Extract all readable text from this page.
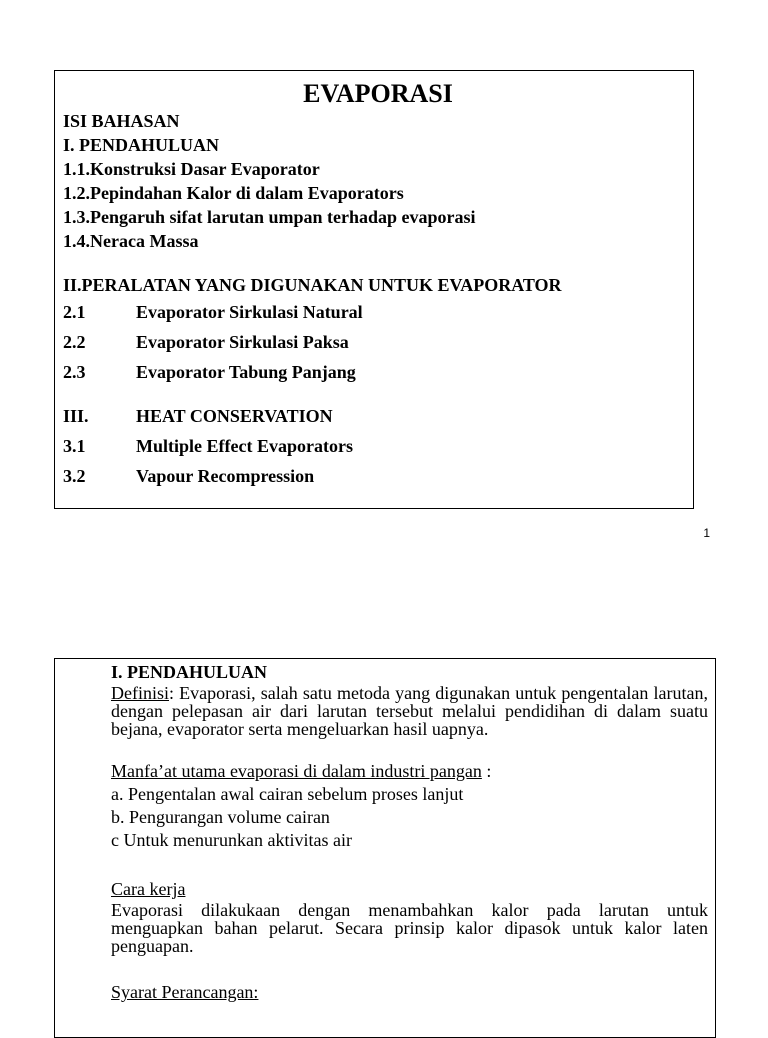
EVAPORASI
ISI BAHASAN
I. PENDAHULUAN
1.1.Konstruksi Dasar Evaporator
1.2.Pepindahan Kalor di dalam Evaporators
1.3.Pengaruh sifat larutan umpan terhadap evaporasi
1.4.Neraca Massa
II.PERALATAN YANG DIGUNAKAN UNTUK EVAPORATOR
2.1	Evaporator Sirkulasi Natural
2.2	Evaporator Sirkulasi Paksa
2.3	Evaporator Tabung Panjang
III.	HEAT CONSERVATION
3.1	Multiple Effect Evaporators
3.2	Vapour Recompression
1
I. PENDAHULUAN
Definisi: Evaporasi, salah satu metoda yang digunakan untuk pengentalan larutan, dengan pelepasan air dari larutan tersebut melalui pendidihan di dalam suatu bejana, evaporator serta mengeluarkan hasil uapnya.
Manfa’at utama evaporasi di dalam industri pangan :
a. Pengentalan awal cairan sebelum proses lanjut
b. Pengurangan volume cairan
c Untuk menurunkan aktivitas air
Cara kerja
Evaporasi dilakukaan dengan menambahkan kalor pada larutan untuk menguapkan bahan pelarut. Secara prinsip kalor dipasok untuk kalor laten penguapan.
Syarat Perancangan:
